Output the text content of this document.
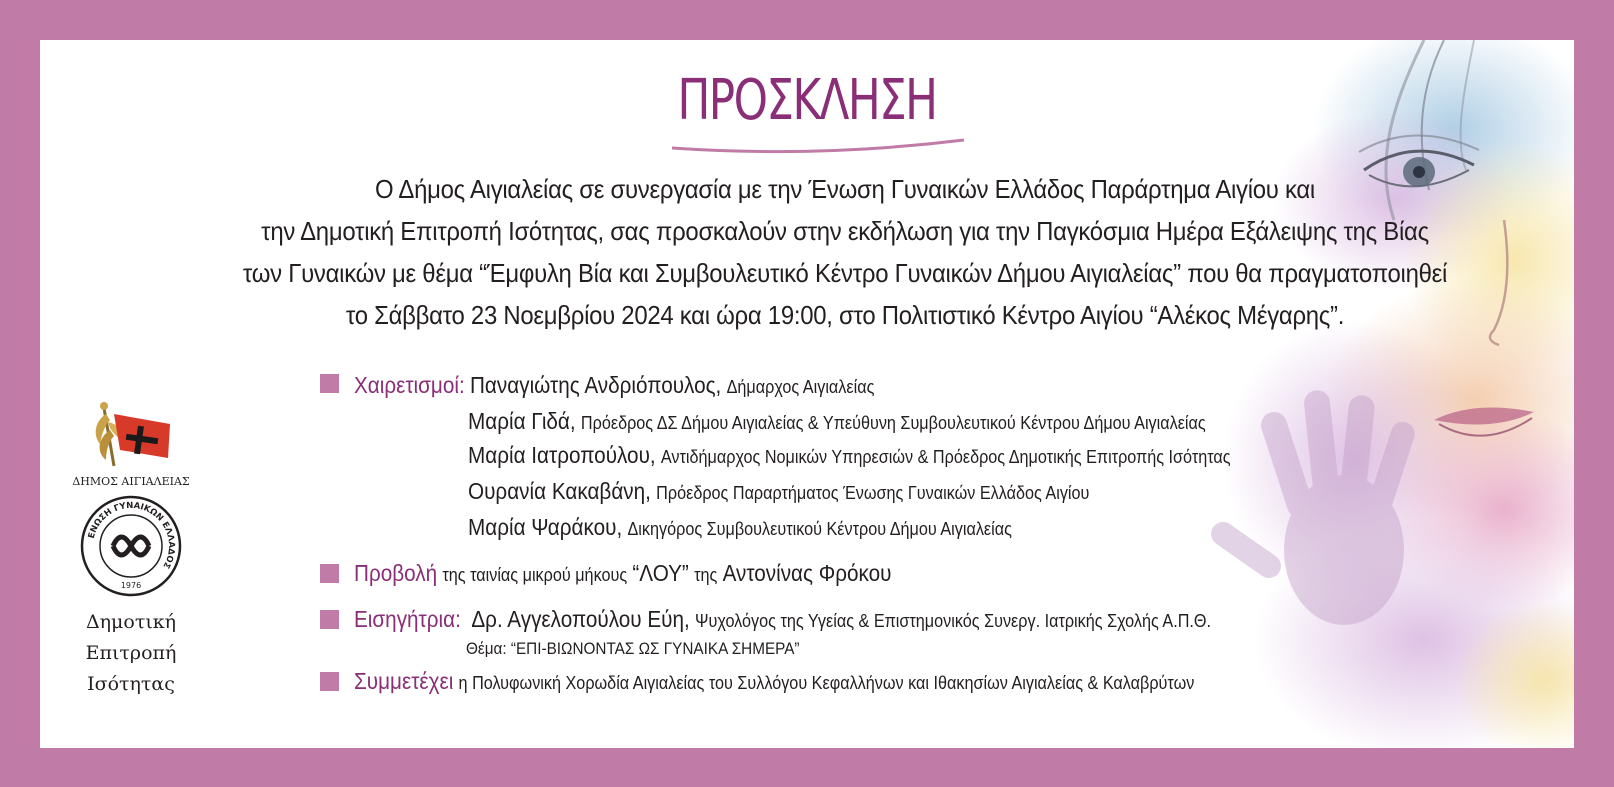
ΠΡΟΣΚΛΗΣΗ

Ο Δήμος Αιγιαλείας σε συνεργασία με την Ένωση Γυναικών Ελλάδος Παράρτημα Αιγίου και

την Δημοτική Επιτροπή Ισότητας, σας προσκαλούν στην εκδήλωση για την Παγκόσμια Ημέρα Εξάλειψης της Βίας

των Γυναικών με θέμα “Έμφυλη Βία και Συμβουλευτικό Κέντρο Γυναικών Δήμου Αιγιαλείας” που θα πραγματοποιηθεί

το Σάββατο 23 Νοεμβρίου 2024 και ώρα 19:00, στο Πολιτιστικό Κέντρο Αιγίου “Αλέκος Μέγαρης”.

ΔΗΜΟΣ ΑΙΓΙΑΛΕΙΑΣ
ΕΝΩΣΗ ΓΥΝΑΙΚΩΝ ΕΛΛΑΔΟΣ
1976
Δημοτική
Επιτροπή
Ισότητας
Χαιρετισμοί: Παναγιώτης Ανδριόπουλος, Δήμαρχος Αιγιαλείας
Μαρία Γιδά, Πρόεδρος ΔΣ Δήμου Αιγιαλείας & Υπεύθυνη Συμβουλευτικού Κέντρου Δήμου Αιγιαλείας
Μαρία Ιατροπούλου, Αντιδήμαρχος Νομικών Υπηρεσιών & Πρόεδρος Δημοτικής Επιτροπής Ισότητας
Ουρανία Κακαβάνη, Πρόεδρος Παραρτήματος Ένωσης Γυναικών Ελλάδος Αιγίου
Μαρία Ψαράκου, Δικηγόρος Συμβουλευτικού Κέντρου Δήμου Αιγιαλείας
Προβολή της ταινίας μικρού μήκους “ΛΟΥ” της Αντονίνας Φρόκου
Εισηγήτρια: Δρ. Αγγελοπούλου Εύη, Ψυχολόγος της Υγείας & Επιστημονικός Συνεργ. Ιατρικής Σχολής Α.Π.Θ.
Θέμα: “ΕΠΙ-ΒΙΩΝΟΝΤΑΣ ΩΣ ΓΥΝΑΙΚΑ ΣΗΜΕΡΑ”
Συμμετέχει η Πολυφωνική Χορωδία Αιγιαλείας του Συλλόγου Κεφαλλήνων και Ιθακησίων Αιγιαλείας & Καλαβρύτων
